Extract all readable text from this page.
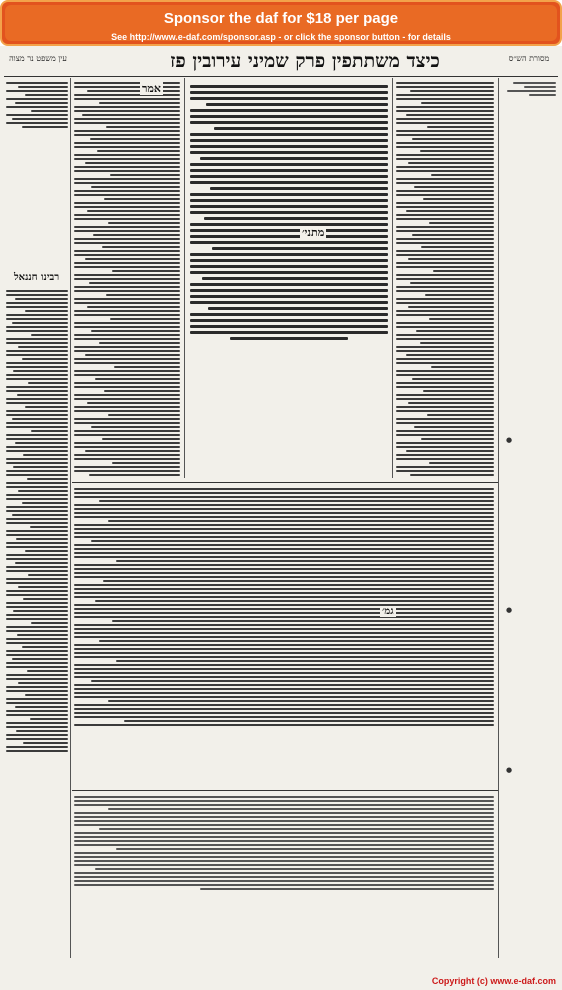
Sponsor the daf for $18 per page
See http://www.e-daf.com/sponsor.asp - or click the sponsor button - for details
עין משפט נר מצוה	כיצד משתתפין פרק שמיני עירובין פז	מסורת הש״ס
רבינו חננאל
אמר
מתני׳
●
●
●
גמ׳
Copyright (c) www.e-daf.com
